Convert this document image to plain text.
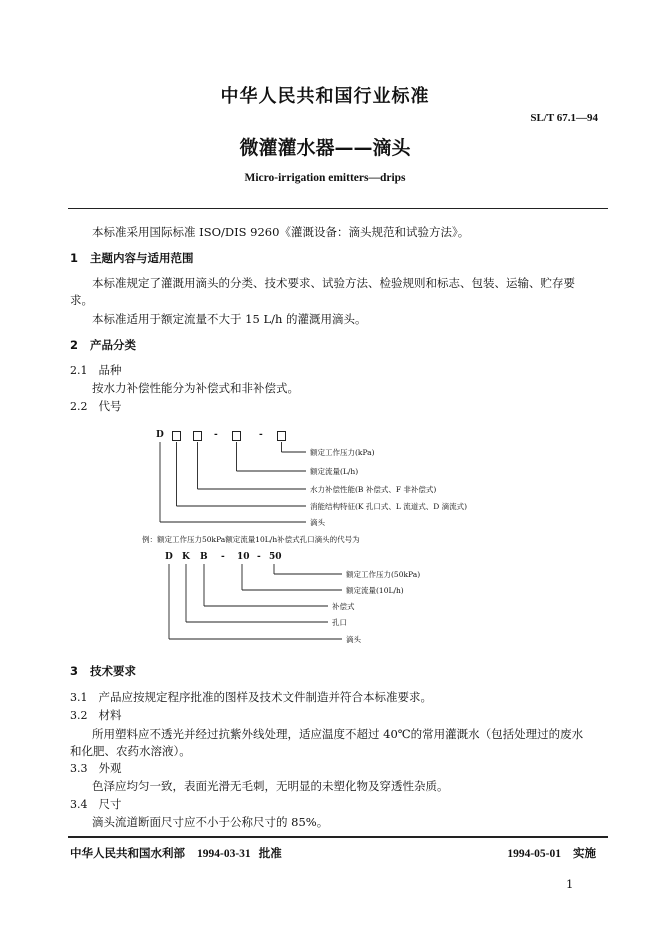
中华人民共和国行业标准
SL/T 67.1—94
微灌灌水器——滴头
Micro-irrigation emitters—drips
本标准采用国际标准 ISO/DIS 9260《灌溉设备：滴头规范和试验方法》。
1 主题内容与适用范围
本标准规定了灌溉用滴头的分类、技术要求、试验方法、检验规则和标志、包装、运输、贮存要
求。
本标准适用于额定流量不大于 15 L/h 的灌溉用滴头。
2 产品分类
2.1 品种
按水力补偿性能分为补偿式和非补偿式。
2.2 代号
D	-	-
额定工作压力(kPa)
额定流量(L/h)
水力补偿性能(B 补偿式、F 非补偿式)
消能结构特征(K 孔口式、L 流道式、D 滴流式)
滴头
例：额定工作压力50kPa额定流量10L/h补偿式孔口滴头的代号为
D K B - 10 - 50
额定工作压力(50kPa)
额定流量(10L/h)
补偿式
孔口
滴头
3 技术要求
3.1 产品应按规定程序批准的图样及技术文件制造并符合本标准要求。
3.2 材料
所用塑料应不透光并经过抗紫外线处理，适应温度不超过 40℃的常用灌溉水（包括处理过的废水
和化肥、农药水溶液）。
3.3 外观
色泽应均匀一致，表面光滑无毛刺，无明显的未塑化物及穿透性杂质。
3.4 尺寸
滴头流道断面尺寸应不小于公称尺寸的 85%。
中华人民共和国水利部 1994-03-31 批准	1994-05-01 实施
1
